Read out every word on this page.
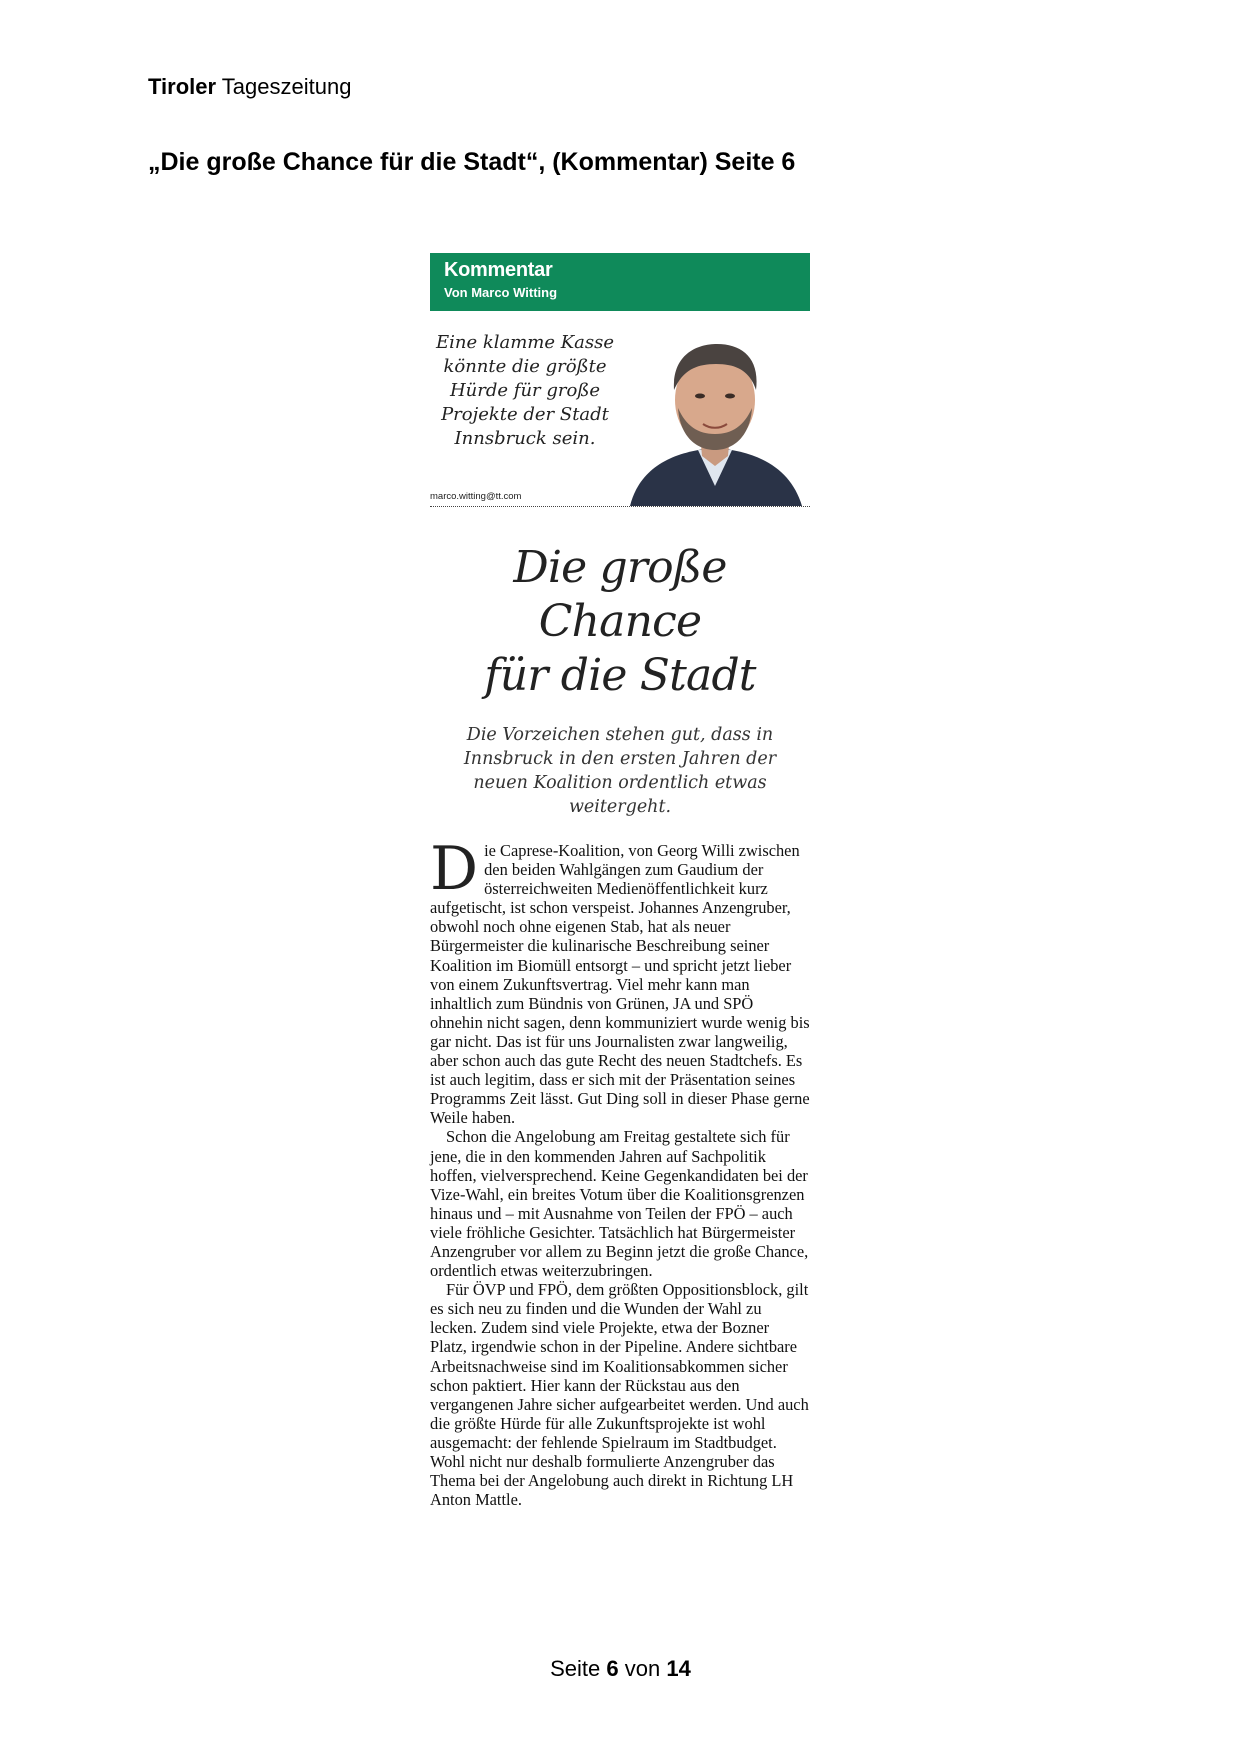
Tiroler Tageszeitung
„Die große Chance für die Stadt“, (Kommentar) Seite 6
Kommentar
Von Marco Witting
Eine klamme Kasse
könnte die größte
Hürde für große
Projekte der Stadt
Innsbruck sein.
marco.witting@tt.com
Die große Chance
für die Stadt
Die Vorzeichen stehen gut, dass in Innsbruck in den ersten Jahren der neuen Koalition ordentlich etwas weitergeht.

Die Caprese-Koalition, von Georg Willi zwischen den beiden Wahlgängen zum Gaudium der österreichweiten Medienöffentlichkeit kurz aufgetischt, ist schon verspeist. Johannes Anzengruber, obwohl noch ohne eigenen Stab, hat als neuer Bürgermeister die kulinarische Beschreibung seiner Koalition im Biomüll entsorgt – und spricht jetzt lieber von einem Zukunftsvertrag. Viel mehr kann man inhaltlich zum Bündnis von Grünen, JA und SPÖ ohnehin nicht sagen, denn kommuniziert wurde wenig bis gar nicht. Das ist für uns Journalisten zwar langweilig, aber schon auch das gute Recht des neuen Stadtchefs. Es ist auch legitim, dass er sich mit der Präsentation seines Programms Zeit lässt. Gut Ding soll in dieser Phase gerne Weile haben.

Schon die Angelobung am Freitag gestaltete sich für jene, die in den kommenden Jahren auf Sachpolitik hoffen, vielversprechend. Keine Gegenkandidaten bei der Vize-Wahl, ein breites Votum über die Koalitionsgrenzen hinaus und – mit Ausnahme von Teilen der FPÖ – auch viele fröhliche Gesichter. Tatsächlich hat Bürgermeister Anzengruber vor allem zu Beginn jetzt die große Chance, ordentlich etwas weiterzubringen.

Für ÖVP und FPÖ, dem größten Oppositionsblock, gilt es sich neu zu finden und die Wunden der Wahl zu lecken. Zudem sind viele Projekte, etwa der Bozner Platz, irgendwie schon in der Pipeline. Andere sichtbare Arbeitsnachweise sind im Koalitionsabkommen sicher schon paktiert. Hier kann der Rückstau aus den vergangenen Jahre sicher aufgearbeitet werden. Und auch die größte Hürde für alle Zukunftsprojekte ist wohl ausgemacht: der fehlende Spielraum im Stadtbudget. Wohl nicht nur deshalb formulierte Anzengruber das Thema bei der Angelobung auch direkt in Richtung LH Anton Mattle.

Seite 6 von 14
